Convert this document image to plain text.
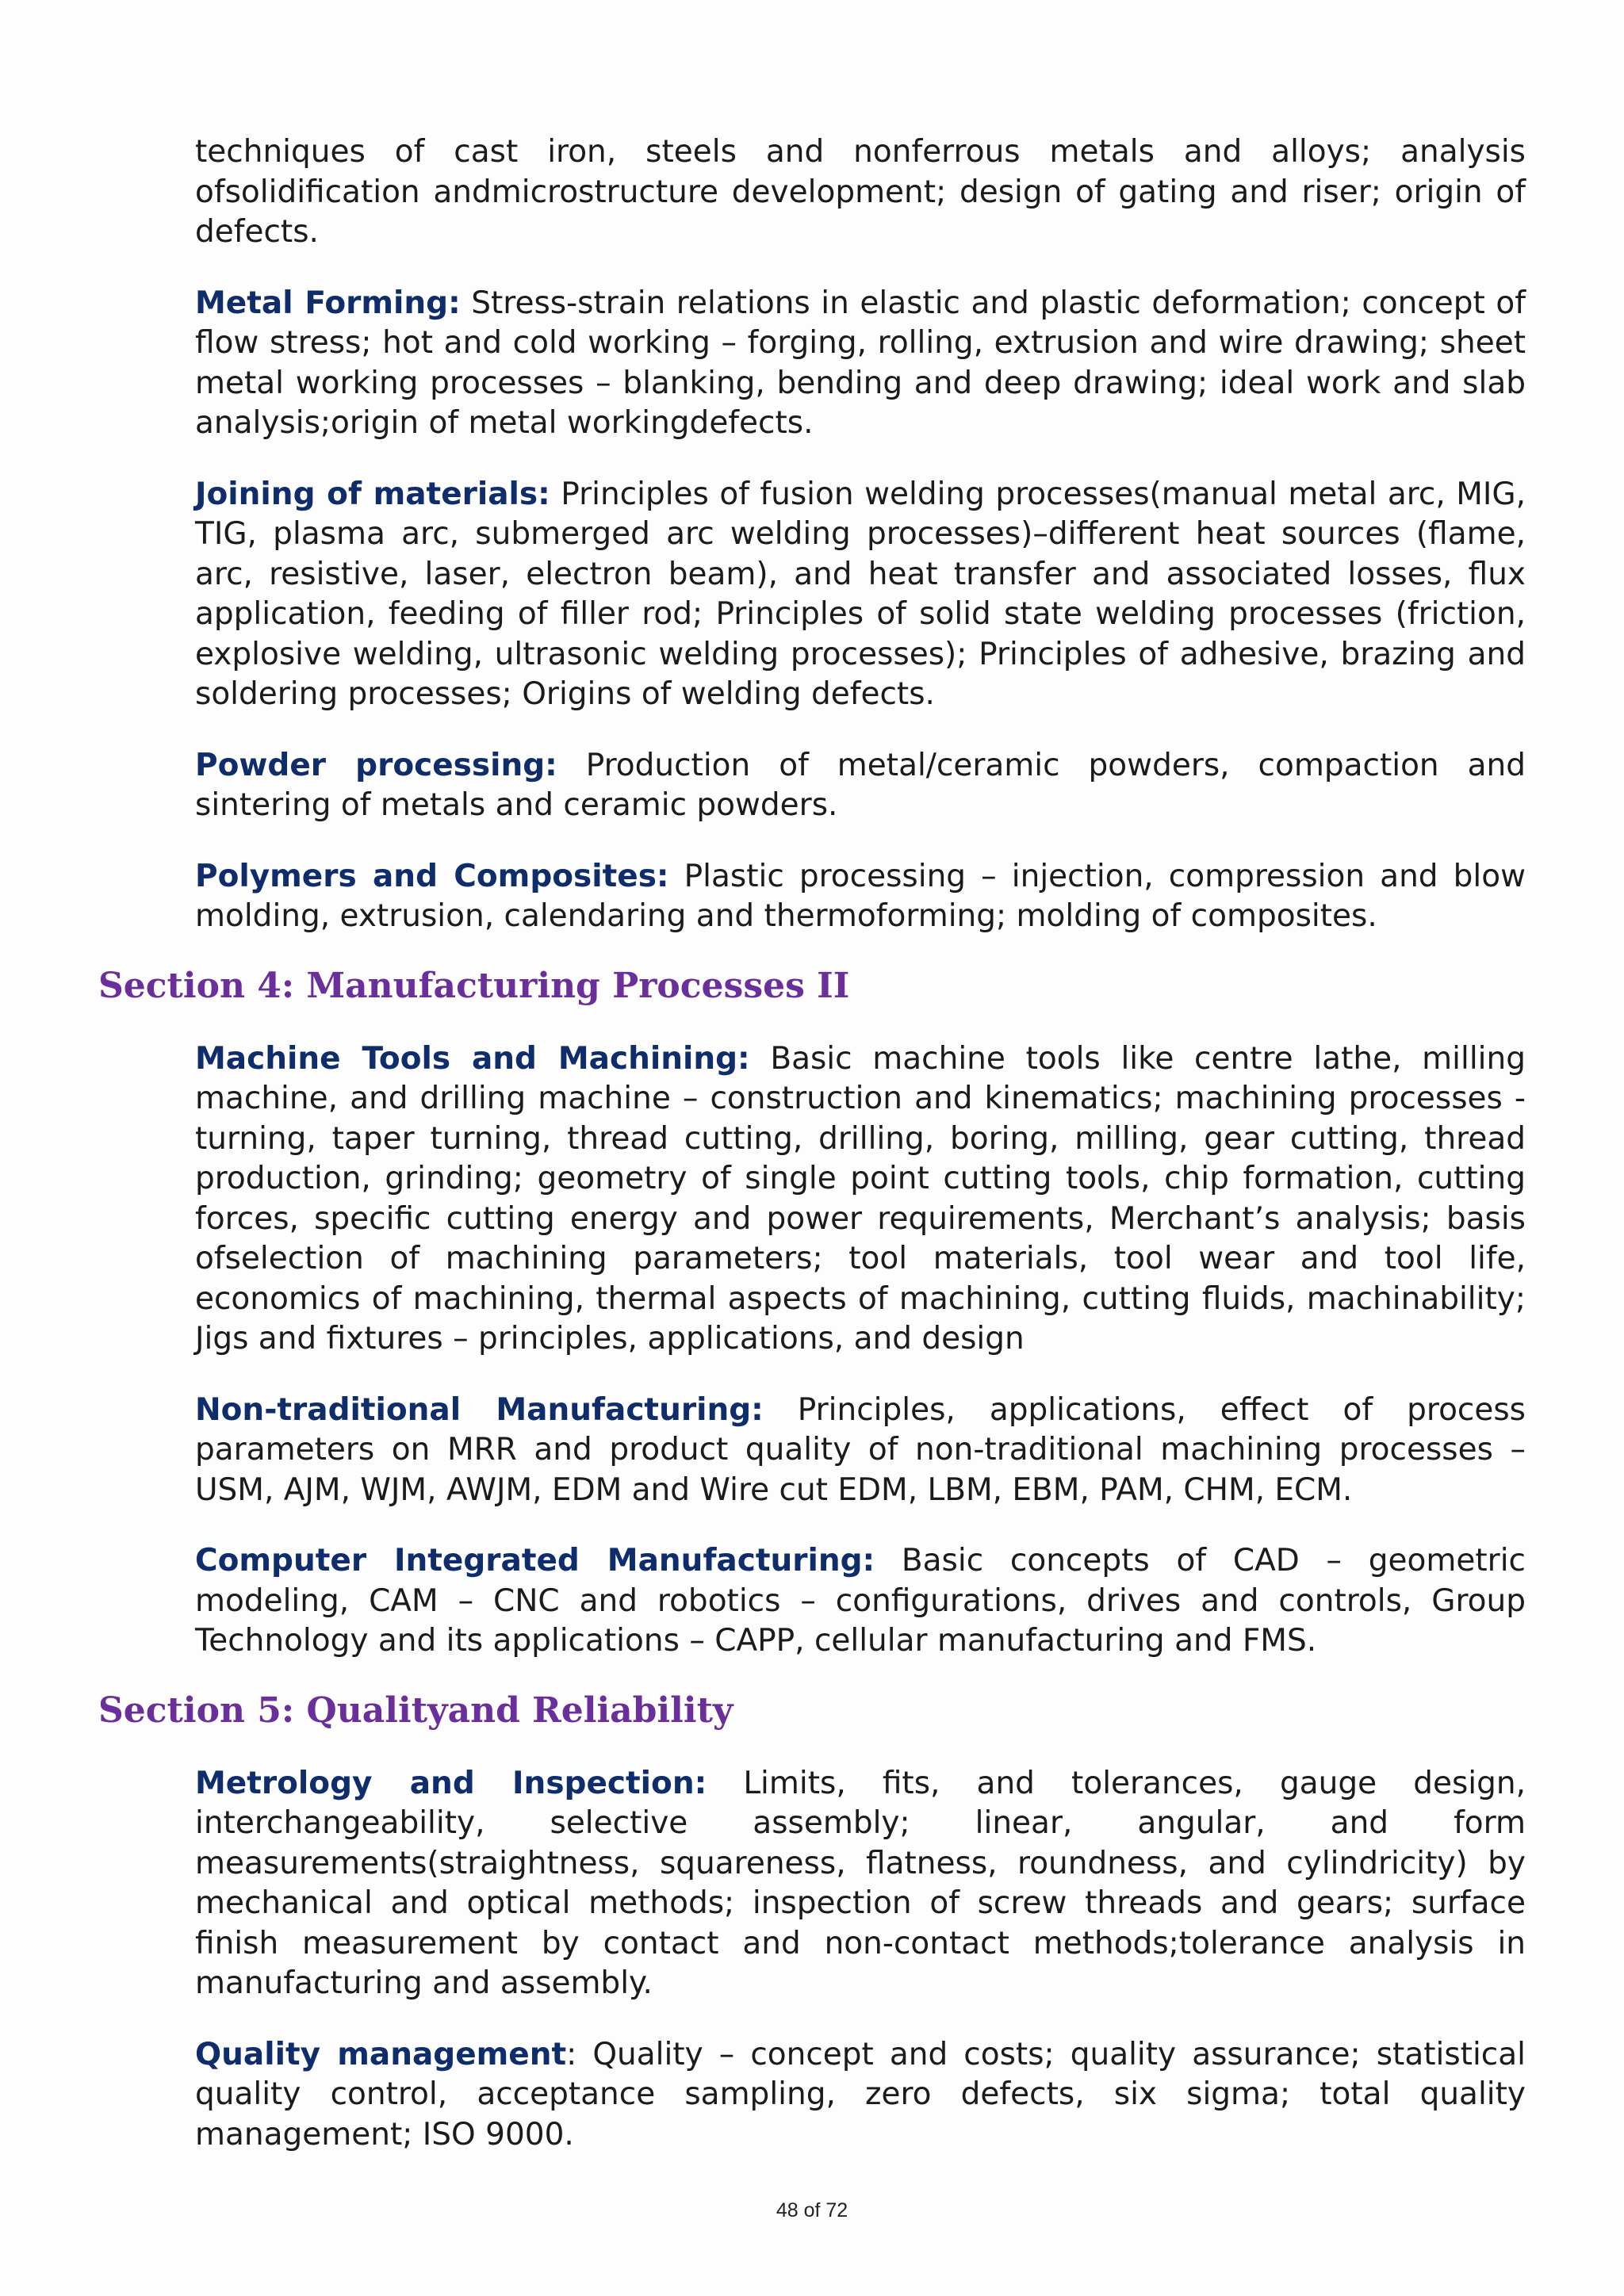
techniques of cast iron, steels and nonferrous metals and alloys; analysis ofsolidification andmicrostructure development; design of gating and riser; origin of defects.

Metal Forming: Stress-strain relations in elastic and plastic deformation; concept of flow stress; hot and cold working – forging, rolling, extrusion and wire drawing; sheet metal working processes – blanking, bending and deep drawing; ideal work and slab analysis;origin of metal workingdefects.

Joining of materials: Principles of fusion welding processes(manual metal arc, MIG, TIG, plasma arc, submerged arc welding processes)–different heat sources (flame, arc, resistive, laser, electron beam), and heat transfer and associated losses, flux application, feeding of filler rod; Principles of solid state welding processes (friction, explosive welding, ultrasonic welding processes); Principles of adhesive, brazing and soldering processes; Origins of welding defects.

Powder processing: Production of metal/ceramic powders, compaction and sintering of metals and ceramic powders.

Polymers and Composites: Plastic processing – injection, compression and blow molding, extrusion, calendaring and thermoforming; molding of composites.

Section 4: Manufacturing Processes II

Machine Tools and Machining: Basic machine tools like centre lathe, milling machine, and drilling machine – construction and kinematics; machining processes - turning, taper turning, thread cutting, drilling, boring, milling, gear cutting, thread production, grinding; geometry of single point cutting tools, chip formation, cutting forces, specific cutting energy and power requirements, Merchant’s analysis; basis ofselection of machining parameters; tool materials, tool wear and tool life, economics of machining, thermal aspects of machining, cutting fluids, machinability; Jigs and fixtures – principles, applications, and design

Non-traditional Manufacturing: Principles, applications, effect of process parameters on MRR and product quality of non-traditional machining processes – USM, AJM, WJM, AWJM, EDM and Wire cut EDM, LBM, EBM, PAM, CHM, ECM.

Computer Integrated Manufacturing: Basic concepts of CAD – geometric modeling, CAM – CNC and robotics – configurations, drives and controls, Group Technology and its applications – CAPP, cellular manufacturing and FMS.

Section 5: Qualityand Reliability

Metrology and Inspection: Limits, fits, and tolerances, gauge design, interchangeability, selective assembly; linear, angular, and form measurements(straightness, squareness, flatness, roundness, and cylindricity) by mechanical and optical methods; inspection of screw threads and gears; surface finish measurement by contact and non-contact methods;tolerance analysis in manufacturing and assembly.

Quality management: Quality – concept and costs; quality assurance; statistical quality control, acceptance sampling, zero defects, six sigma; total quality management; ISO 9000.

48 of 72
